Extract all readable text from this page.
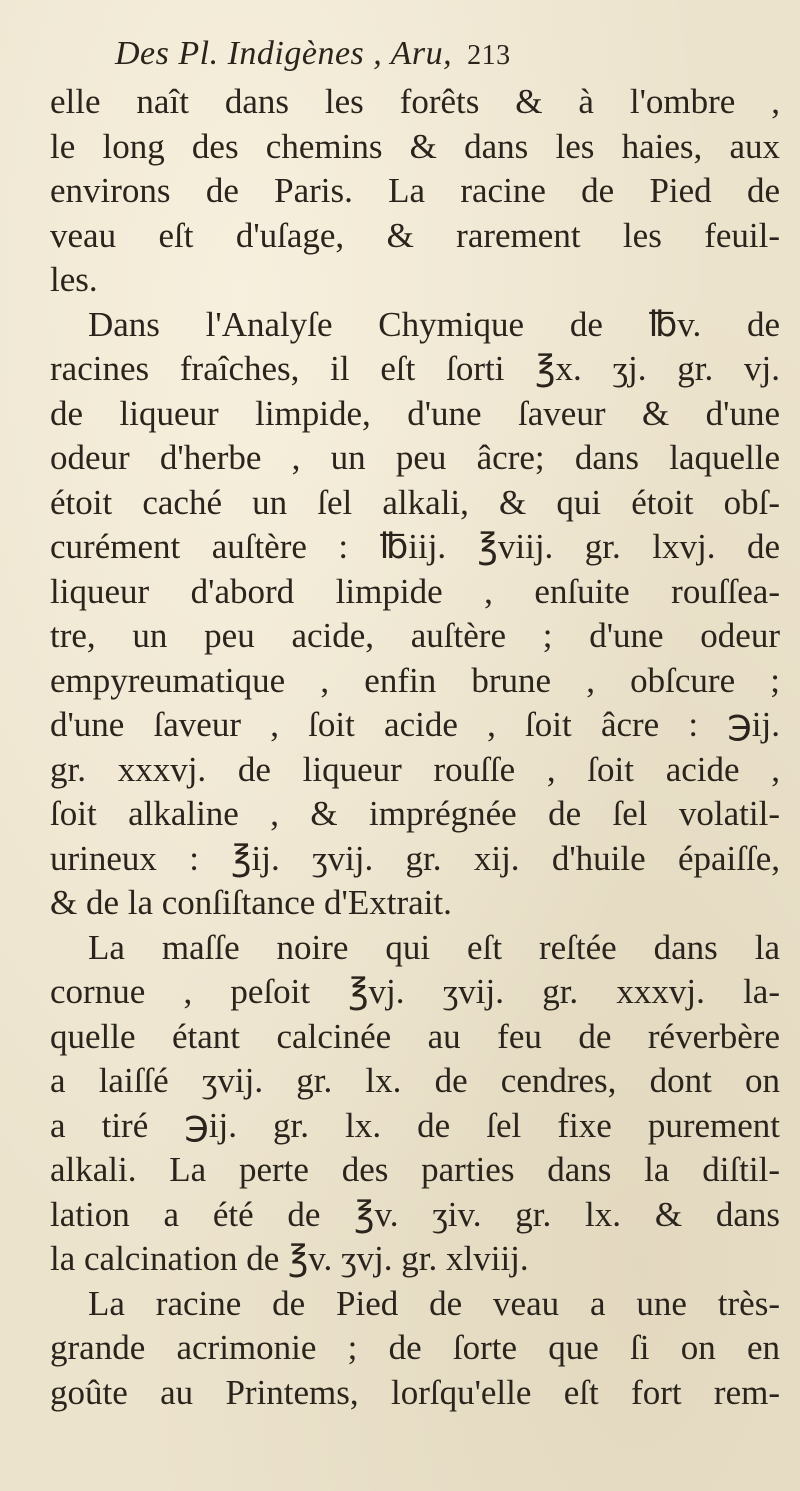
Des Pl. Indigènes , Aru, 213
elle naît dans les forêts & à l'ombre ,
le long des chemins & dans les haies, aux
environs de Paris. La racine de Pied de
veau eſt d'uſage, & rarement les feuil-
les.
Dans l'Analyſe Chymique de ℔v. de
racines fraîches, il eſt ſorti ℥x. ʒj. gr. vj.
de liqueur limpide, d'une ſaveur & d'une
odeur d'herbe , un peu âcre; dans laquelle
étoit caché un ſel alkali, & qui étoit obſ-
curément auſtère : ℔iij. ℥viij. gr. lxvj. de
liqueur d'abord limpide , enſuite rouſſea-
tre, un peu acide, auſtère ; d'une odeur
empyreumatique , enfin brune , obſcure ;
d'une ſaveur , ſoit acide , ſoit âcre : ℈ij.
gr. xxxvj. de liqueur rouſſe , ſoit acide ,
ſoit alkaline , & imprégnée de ſel volatil-
urineux : ℥ij. ʒvij. gr. xij. d'huile épaiſſe,
& de la conſiſtance d'Extrait.
La maſſe noire qui eſt reſtée dans la
cornue , peſoit ℥vj. ʒvij. gr. xxxvj. la-
quelle étant calcinée au feu de réverbère
a laiſſé ʒvij. gr. lx. de cendres, dont on
a tiré ℈ij. gr. lx. de ſel fixe purement
alkali. La perte des parties dans la diſtil-
lation a été de ℥v. ʒiv. gr. lx. & dans
la calcination de ℥v. ʒvj. gr. xlviij.
La racine de Pied de veau a une très-
grande acrimonie ; de ſorte que ſi on en
goûte au Printems, lorſqu'elle eſt fort rem-
